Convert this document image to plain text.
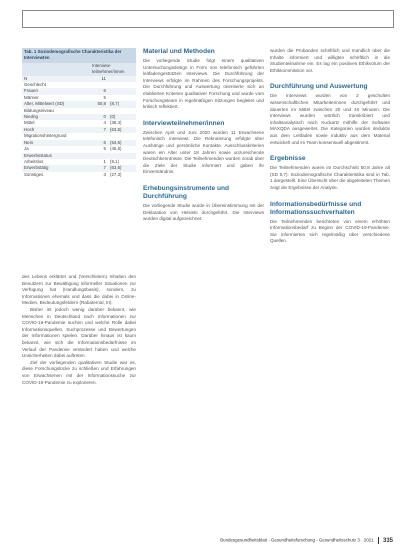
Tab. 1 Soziodemografische Charakteristika der Interviewten
	Interview-teilnehmer/innen	
N	11	
Geschlecht		
Frauen	6	
Männer	5	
Alter, Mittelwert (SD)	50,8	(8,7)
Bildungsniveau		
Niedrig	0	(0)
Mittel	4	(36,4)
Hoch	7	(63,6)
Migrationshintergrund		
Nein	6	(54,5)
Ja	5	(45,5)
Erwerbsstatus		
Arbeitslos	1	(9,1)
Erwerbstätig	7	(63,6)
Sonstiges	3	(27,3)

des Lebens erklärter und (Verschleiern) Inhalten den Benutzern zur Bewältigung informeller Situationen zur Verfügung hat (Handlungsbasis), sondern, zu Informationen ehemals und dass die dabei in Online-Medien, Bedeutungsfeldern (Rabaternal, III).

Bisher ist jedoch wenig darüber bekannt, wie Menschen in Deutschland nach Informationen zur COVID-19-Pandemie suchen und welche Rolle dabei Informationsquellen, Suchprozesse und Bewertungen der Informationen spielen. Darüber hinaus ist kaum bekannt, wie sich die Informationsbedürfnisse im Verlauf der Pandemie verändert haben und welche Unsicherheiten dabei auftreten.

Ziel der vorliegenden qualitativen Studie war es, diese Forschungslücke zu schließen und Erfahrungen von Erwachsenen mit der Informationssuche zur COVID-19-Pandemie zu explorieren.

Material und Methoden

Die vorliegende Studie folgt einem qualitativen Untersuchungsdesign in Form von telefonisch geführten leitfadengestützten Interviews. Die Durchführung der Interviews erfolgte im Rahmen des Forschungsprojekts. Die Durchführung und Auswertung orientierte sich an etablierten Kriterien qualitativer Forschung und wurde vom Forschungsteam in regelmäßigen Sitzungen begleitet und kritisch reflektiert.

Interviewteilnehmer/innen

Zwischen April und Juni 2020 wurden 11 Erwachsene telefonisch interviewt. Die Rekrutierung erfolgte über Aushänge und persönliche Kontakte. Ausschlusskriterien waren ein Alter unter 18 Jahren sowie unzureichende Deutschkenntnisse. Die Teilnehmenden wurden vorab über die Ziele der Studie informiert und gaben ihr Einverständnis.

Erhebungsinstrumente und Durchführung

Die vorliegende Studie wurde in Übereinstimmung mit der Deklaration von Helsinki durchgeführt. Die Interviews wurden digital aufgezeichnet.

wurden die Probanden schriftlich und mündlich über die Inhalte informiert und willigten schriftlich in die Studienteilnahme ein. Es lag ein positives Ethikvotum der Ethikkommission vor.

Durchführung und Auswertung

Die Interviews wurden von 2 geschulten wissenschaftlichen Mitarbeiterinnen durchgeführt und dauerten im Mittel zwischen 20 und 40 Minuten. Die Interviews wurden wörtlich transkribiert und inhaltsanalytisch nach Kuckartz mithilfe der Software MAXQDA ausgewertet. Die Kategorien wurden deduktiv aus dem Leitfaden sowie induktiv aus dem Material entwickelt und im Team konsensuell abgestimmt.

Ergebnisse

Die Teilnehmenden waren im Durchschnitt 50,8 Jahre alt (SD 8,7). Soziodemografische Charakteristika sind in Tab. 1 dargestellt. Eine Übersicht über die abgeleiteten Themen zeigt die Ergebnisse der Analyse.

Informationsbedürfnisse und Informationssuchverhalten

Die Teilnehmenden berichteten von einem erhöhten Informationsbedarf zu Beginn der COVID-19-Pandemie. Sie informierten sich regelmäßig über verschiedene Quellen.

Bundesgesundheitsblatt - Gesundheitsforschung - Gesundheitsschutz 3 · 2021 335
